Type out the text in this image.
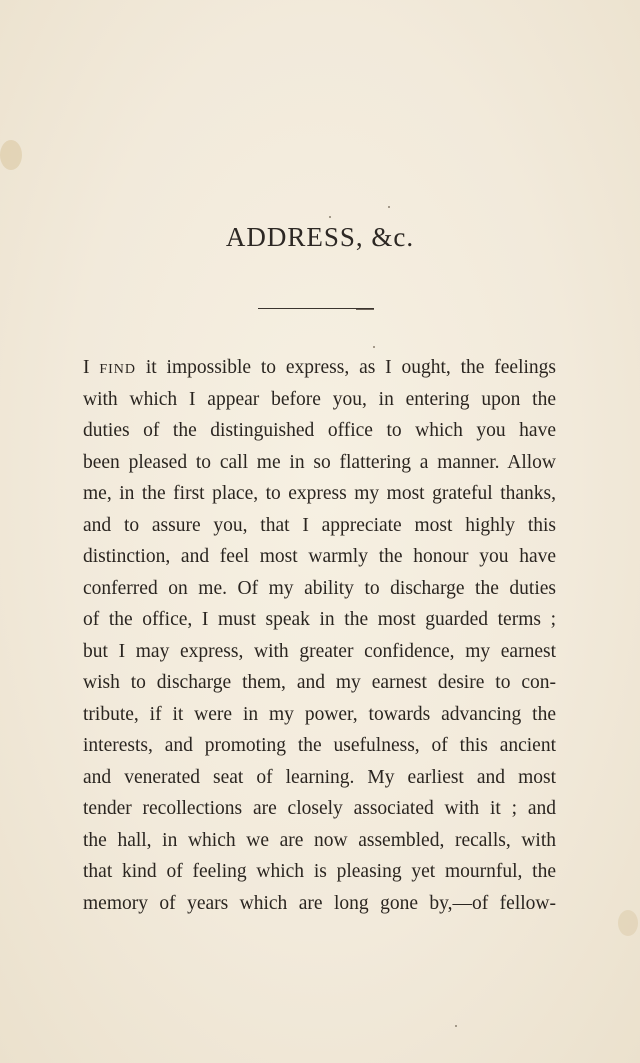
ADDRESS, &c.
I find it impossible to express, as I ought, the feelings
with which I appear before you, in entering upon the
duties of the distinguished office to which you have
been pleased to call me in so flattering a manner. Allow
me, in the first place, to express my most grateful thanks,
and to assure you, that I appreciate most highly this
distinction, and feel most warmly the honour you have
conferred on me. Of my ability to discharge the duties
of the office, I must speak in the most guarded terms ;
but I may express, with greater confidence, my earnest
wish to discharge them, and my earnest desire to con-
tribute, if it were in my power, towards advancing the
interests, and promoting the usefulness, of this ancient
and venerated seat of learning. My earliest and most
tender recollections are closely associated with it ; and
the hall, in which we are now assembled, recalls, with
that kind of feeling which is pleasing yet mournful, the
memory of years which are long gone by,—of fellow-
